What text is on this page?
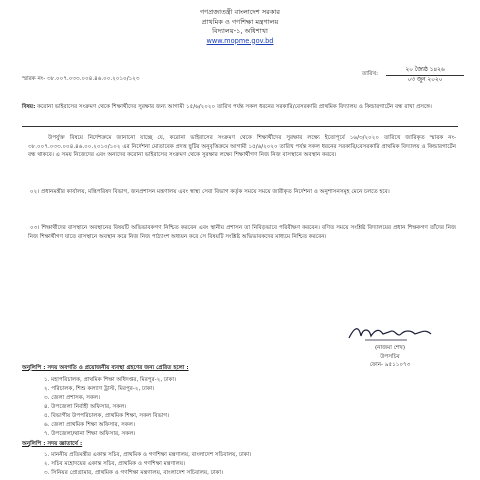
গণপ্রজাতন্ত্রী বাংলাদেশ সরকার
প্রাথমিক ও গণশিক্ষা মন্ত্রণালয়
বিদ্যালয়-১, অধিশাখা
www.mopme.gov.bd
স্মারক নং- ৩৮.০০৭.০৩৩.০০৪.৪৬.০০.২০১০/১২৩
তারিখ:
২০ জ্যৈষ্ঠ ১৪২৬
০৩ জুন ২০২০
বিষয়: করোনা ভাইরাসের সংক্রমণ থেকে শিক্ষার্থীদের সুরক্ষার জন্য আগামী ১৫/৬/২০২০ তারিখ পর্যন্ত সকল ধরনের সরকারি/বেসরকারি প্রাথমিক বিদ্যালয় ও কিন্ডারগার্টেন বন্ধ রাখা প্রসঙ্গে।
উপর্যুক্ত বিষয়ে নির্দেশক্রমে জানানো যাচ্ছে যে, করোনা ভাইরাসের সংক্রমণ থেকে শিক্ষার্থীদের সুরক্ষার লক্ষ্যে ইতোপূর্বে ১৬/৩/২০২০ তারিখে জারিকৃত স্মারক নং- ৩৮.০০৭.০৩৩.০০৪.৪৬.০০.২০১০/১০২ এর নির্দেশনা মোতাবেক প্রদত্ত ছুটির অনুবৃত্তিক্রমে আগামী ১৫/৬/২০২০ তারিখ পর্যন্ত সকল ধরনের সরকারি/বেসরকারি প্রাথমিক বিদ্যালয় ও কিন্ডারগার্টেন বন্ধ থাকবে। এ সময় নিজেদের এবং অন্যদের করোনা ভাইরাসের সংক্রমণ থেকে সুরক্ষার লক্ষ্যে শিক্ষার্থীগণ নিজ নিজ বাসস্থানে অবস্থান করবে।
০২। প্রধানমন্ত্রীর কার্যালয়, মন্ত্রিপরিষদ বিভাগ, জনপ্রশাসন মন্ত্রণালয় এবং স্বাস্থ্য সেবা বিভাগ কর্তৃক সময়ে সময়ে জারীকৃত নির্দেশনা ও অনুশাসনসমূহ মেনে চলতে হবে।
০৩। শিক্ষার্থীদের বাসস্থানে অবস্থানের বিষয়টি অভিভাবকগণ নিশ্চিত করবেন এবং স্থানীয় প্রশাসন তা নিবিড়ভাবে পরিবীক্ষণ করবেন। বণিত সময়ে সংশ্লিষ্ট বিদ্যালয়ের প্রধান শিক্ষকগণ তাঁদের নিজ নিজ শিক্ষার্থীগণ যাতে বাসস্থানে অবস্থান করে নিজ নিজ পাঠ্যাংশ অধ্যয়ন করে সে বিষয়টি সংশ্লিষ্ট অভিভাবকদের মাধ্যমে নিশ্চিত করবেন।
(নাজমা শেখ)
উপসচিব
ফোন- ৯৫১১০৭৩
অনুলিপি : সদয় অবগতি ও প্রয়োজনীয় ব্যবস্থা গ্রহণের জন্য প্রেরিত হলো :
১. মহাপরিচালক, প্রাথমিক শিক্ষা অধিদপ্তর, মিরপুর-২, ঢাকা।
২. পরিচালক, শিশু কল্যাণ ট্রাস্ট, মিরপুর-২, ঢাকা।
৩. জেলা প্রশাসক, সকল।
৪. উপজেলা নির্বাহী অফিসার, সকল।
৫. বিভাগীয় উপপরিচালক, প্রাথমিক শিক্ষা, সকল বিভাগ।
৬. জেলা প্রাথমিক শিক্ষা অফিসার, সকল।
৭. উপজেলা/থানা শিক্ষা অফিসার, সকল।
অনুলিপি : সদয় জ্ঞাতার্থে :
১. মাননীয় প্রতিমন্ত্রীর একান্ত সচিব, প্রাথমিক ও গণশিক্ষা মন্ত্রণালয়, বাংলাদেশ সচিবালয়, ঢাকা।
২. সচিব মহোদয়ের একান্ত সচিব, প্রাথমিক ও গণশিক্ষা মন্ত্রণালয়।
৩. সিনিয়র প্রোগ্রামার, প্রাথমিক ও গণশিক্ষা মন্ত্রণালয়, বাংলাদেশ সচিবালয়, ঢাকা।
